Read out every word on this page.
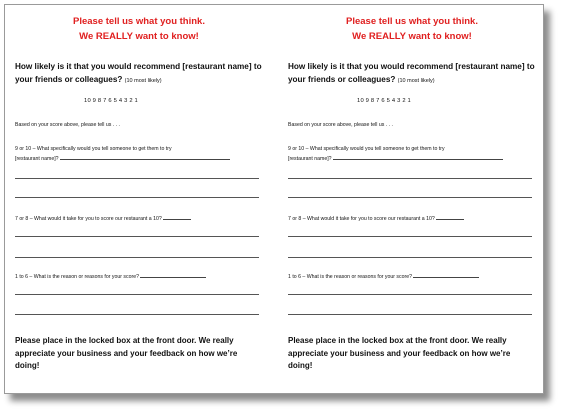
Please tell us what you think.
We REALLY want to know!
How likely is it that you would recommend [restaurant name] to your friends or colleagues? (10 most likely)
10 9 8 7 6 5 4 3 2 1
Based on your score above, please tell us . . .
9 or 10 – What specifically would you tell someone to get them to try
[restaurant name]?
7 or 8 – What would it take for you to score our restaurant a 10?
1 to 6 – What is the reason or reasons for your score?
Please place in the locked box at the front door. We really appreciate your business and your feedback on how we’re doing!
Please tell us what you think.
We REALLY want to know!
How likely is it that you would recommend [restaurant name] to your friends or colleagues? (10 most likely)
10 9 8 7 6 5 4 3 2 1
Based on your score above, please tell us . . .
9 or 10 – What specifically would you tell someone to get them to try
[restaurant name]?
7 or 8 – What would it take for you to score our restaurant a 10?
1 to 6 – What is the reason or reasons for your score?
Please place in the locked box at the front door. We really appreciate your business and your feedback on how we’re doing!
